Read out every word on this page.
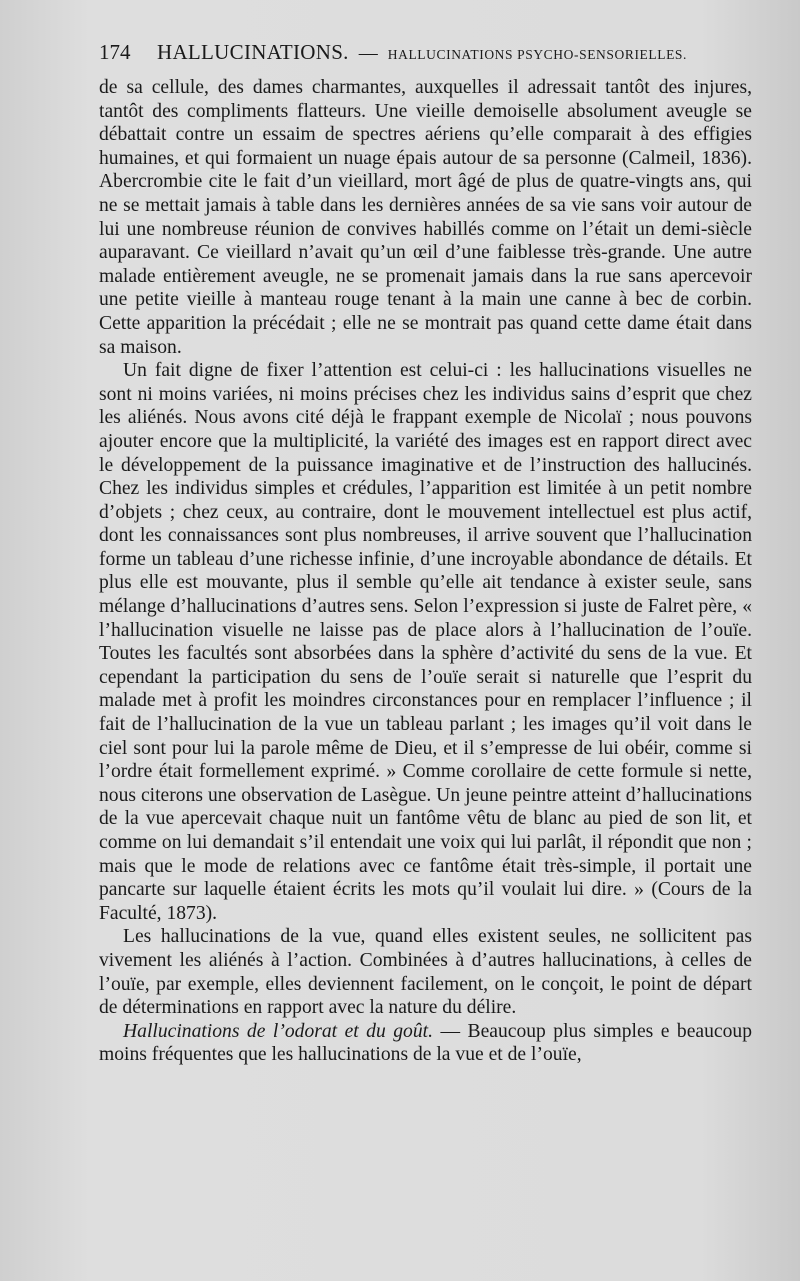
174	HALLUCINATIONS. — HALLUCINATIONS PSYCHO-SENSORIELLES.

de sa cellule, des dames charmantes, auxquelles il adressait tantôt des injures, tantôt des compliments flatteurs. Une vieille demoiselle absolument aveugle se débattait contre un essaim de spectres aériens qu’elle comparait à des effigies humaines, et qui formaient un nuage épais autour de sa personne (Calmeil, 1836). Abercrombie cite le fait d’un vieillard, mort âgé de plus de quatre-vingts ans, qui ne se mettait jamais à table dans les dernières années de sa vie sans voir autour de lui une nombreuse réunion de convives habillés comme on l’était un demi-siècle auparavant. Ce vieillard n’avait qu’un œil d’une faiblesse très-grande. Une autre malade entièrement aveugle, ne se promenait jamais dans la rue sans apercevoir une petite vieille à manteau rouge tenant à la main une canne à bec de corbin. Cette apparition la précédait ; elle ne se montrait pas quand cette dame était dans sa maison.

Un fait digne de fixer l’attention est celui-ci : les hallucinations visuelles ne sont ni moins variées, ni moins précises chez les individus sains d’esprit que chez les aliénés. Nous avons cité déjà le frappant exemple de Nicolaï ; nous pouvons ajouter encore que la multiplicité, la variété des images est en rapport direct avec le développement de la puissance imaginative et de l’instruction des hallucinés. Chez les individus simples et crédules, l’apparition est limitée à un petit nombre d’objets ; chez ceux, au contraire, dont le mouvement intellectuel est plus actif, dont les connaissances sont plus nombreuses, il arrive souvent que l’hallucination forme un tableau d’une richesse infinie, d’une incroyable abondance de détails. Et plus elle est mouvante, plus il semble qu’elle ait tendance à exister seule, sans mélange d’hallucinations d’autres sens. Selon l’expression si juste de Falret père, « l’hallucination visuelle ne laisse pas de place alors à l’hallucination de l’ouïe. Toutes les facultés sont absorbées dans la sphère d’activité du sens de la vue. Et cependant la participation du sens de l’ouïe serait si naturelle que l’esprit du malade met à profit les moindres circonstances pour en remplacer l’influence ; il fait de l’hallucination de la vue un tableau parlant ; les images qu’il voit dans le ciel sont pour lui la parole même de Dieu, et il s’empresse de lui obéir, comme si l’ordre était formellement exprimé. » Comme corollaire de cette formule si nette, nous citerons une observation de Lasègue. Un jeune peintre atteint d’hallucinations de la vue apercevait chaque nuit un fantôme vêtu de blanc au pied de son lit, et comme on lui demandait s’il entendait une voix qui lui parlât, il répondit que non ; mais que le mode de relations avec ce fantôme était très-simple, il portait une pancarte sur laquelle étaient écrits les mots qu’il voulait lui dire. » (Cours de la Faculté, 1873).

Les hallucinations de la vue, quand elles existent seules, ne sollicitent pas vivement les aliénés à l’action. Combinées à d’autres hallucinations, à celles de l’ouïe, par exemple, elles deviennent facilement, on le conçoit, le point de départ de déterminations en rapport avec la nature du délire.

Hallucinations de l’odorat et du goût. — Beaucoup plus simples e beaucoup moins fréquentes que les hallucinations de la vue et de l’ouïe,
